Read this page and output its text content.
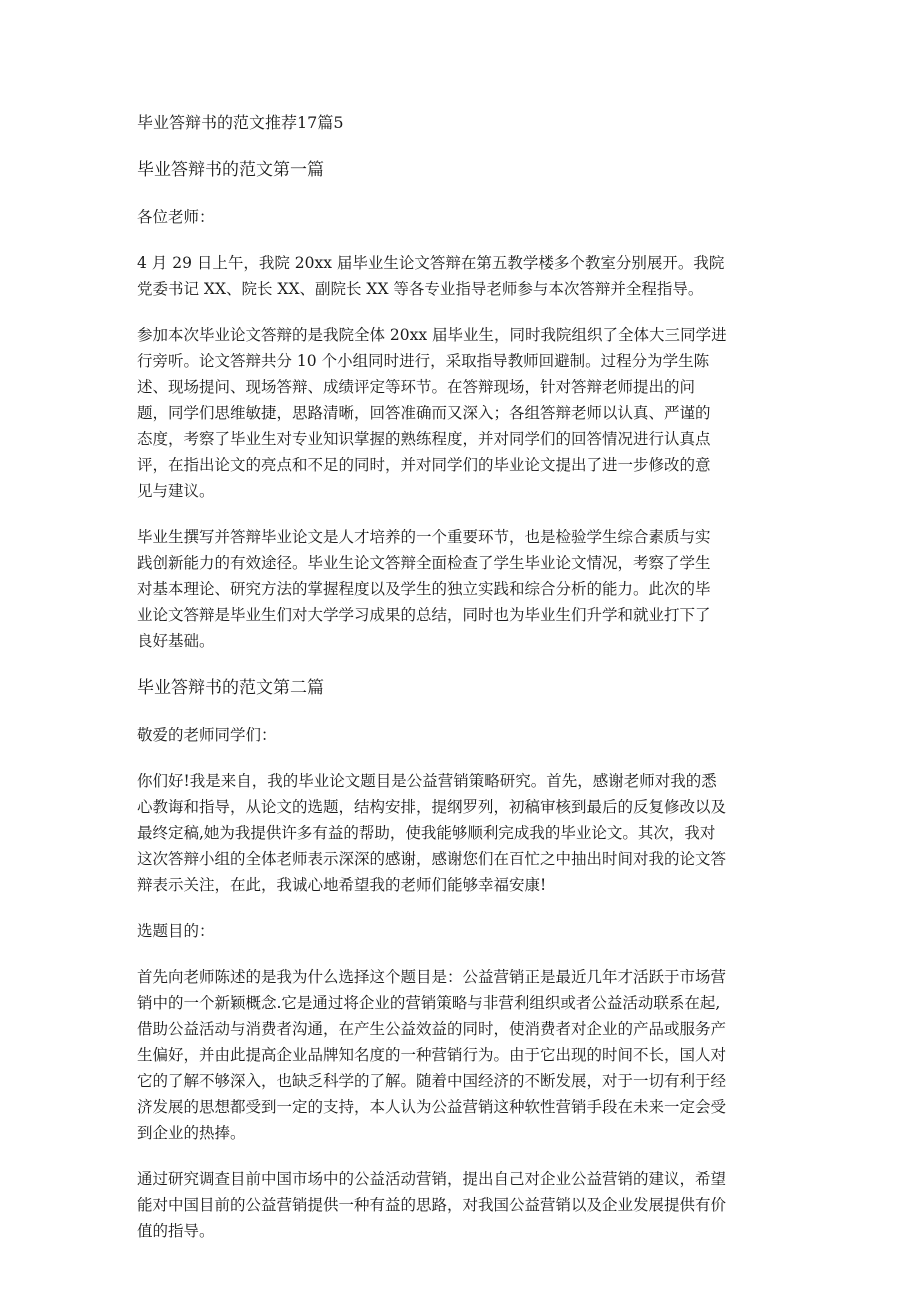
毕业答辩书的范文推荐17篇5
毕业答辩书的范文第一篇
各位老师：
4 月 29 日上午，我院 20xx 届毕业生论文答辩在第五教学楼多个教室分别展开。我院
党委书记 XX、院长 XX、副院长 XX 等各专业指导老师参与本次答辩并全程指导。
参加本次毕业论文答辩的是我院全体 20xx 届毕业生，同时我院组织了全体大三同学进
行旁听。论文答辩共分 10 个小组同时进行，采取指导教师回避制。过程分为学生陈
述、现场提问、现场答辩、成绩评定等环节。在答辩现场，针对答辩老师提出的问
题，同学们思维敏捷，思路清晰，回答准确而又深入；各组答辩老师以认真、严谨的
态度，考察了毕业生对专业知识掌握的熟练程度，并对同学们的回答情况进行认真点
评，在指出论文的亮点和不足的同时，并对同学们的毕业论文提出了进一步修改的意
见与建议。
毕业生撰写并答辩毕业论文是人才培养的一个重要环节，也是检验学生综合素质与实
践创新能力的有效途径。毕业生论文答辩全面检查了学生毕业论文情况，考察了学生
对基本理论、研究方法的掌握程度以及学生的独立实践和综合分析的能力。此次的毕
业论文答辩是毕业生们对大学学习成果的总结，同时也为毕业生们升学和就业打下了
良好基础。
毕业答辩书的范文第二篇
敬爱的老师同学们：
你们好!我是来自，我的毕业论文题目是公益营销策略研究。首先，感谢老师对我的悉
心教诲和指导，从论文的选题，结构安排，提纲罗列，初稿审核到最后的反复修改以及
最终定稿,她为我提供许多有益的帮助，使我能够顺利完成我的毕业论文。其次，我对
这次答辩小组的全体老师表示深深的感谢，感谢您们在百忙之中抽出时间对我的论文答
辩表示关注，在此，我诚心地希望我的老师们能够幸福安康!
选题目的：
首先向老师陈述的是我为什么选择这个题目是：公益营销正是最近几年才活跃于市场营
销中的一个新颖概念.它是通过将企业的营销策略与非营利组织或者公益活动联系在起,
借助公益活动与消费者沟通，在产生公益效益的同时，使消费者对企业的产品或服务产
生偏好，并由此提高企业品牌知名度的一种营销行为。由于它出现的时间不长，国人对
它的了解不够深入，也缺乏科学的了解。随着中国经济的不断发展，对于一切有利于经
济发展的思想都受到一定的支持，本人认为公益营销这种软性营销手段在未来一定会受
到企业的热捧。
通过研究调查目前中国市场中的公益活动营销，提出自己对企业公益营销的建议，希望
能对中国目前的公益营销提供一种有益的思路，对我国公益营销以及企业发展提供有价
值的指导。
